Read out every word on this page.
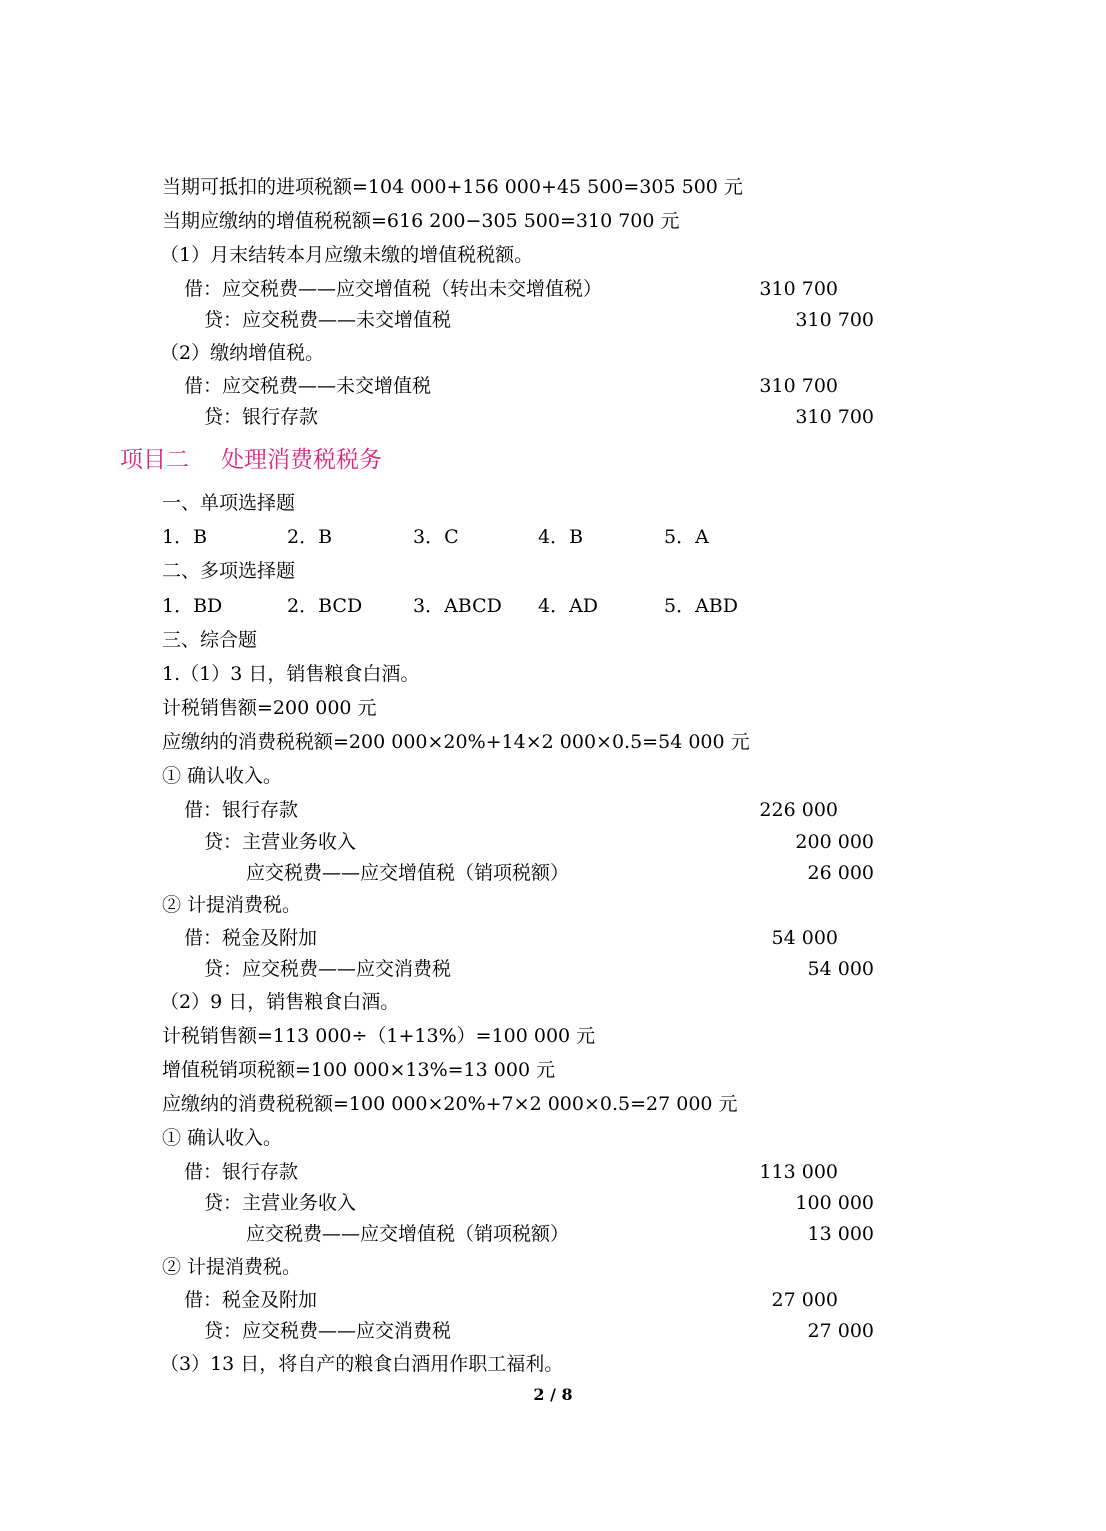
当期可抵扣的进项税额=104 000+156 000+45 500=305 500 元
当期应缴纳的增值税税额=616 200−305 500=310 700 元
（1）月末结转本月应缴未缴的增值税税额。
借：应交税费——应交增值税（转出未交增值税）	310 700
贷：应交税费——未交增值税	310 700
（2）缴纳增值税。
借：应交税费——未交增值税	310 700
贷：银行存款	310 700
项目二 处理消费税税务
一、单项选择题
1．B	2．B	3．C	4．B	5．A
二、多项选择题
1．BD	2．BCD	3．ABCD 4．AD	5．ABD
三、综合题
1.（1）3 日，销售粮食白酒。
计税销售额=200 000 元
应缴纳的消费税税额=200 000×20%+14×2 000×0.5=54 000 元
① 确认收入。
借：银行存款	226 000
贷：主营业务收入	200 000
应交税费——应交增值税（销项税额）	26 000
② 计提消费税。
借：税金及附加	54 000
贷：应交税费——应交消费税	54 000
（2）9 日，销售粮食白酒。
计税销售额=113 000÷（1+13%）=100 000 元
增值税销项税额=100 000×13%=13 000 元
应缴纳的消费税税额=100 000×20%+7×2 000×0.5=27 000 元
① 确认收入。
借：银行存款	113 000
贷：主营业务收入	100 000
应交税费——应交增值税（销项税额）	13 000
② 计提消费税。
借：税金及附加	27 000
贷：应交税费——应交消费税	27 000
（3）13 日，将自产的粮食白酒用作职工福利。
2 / 8
